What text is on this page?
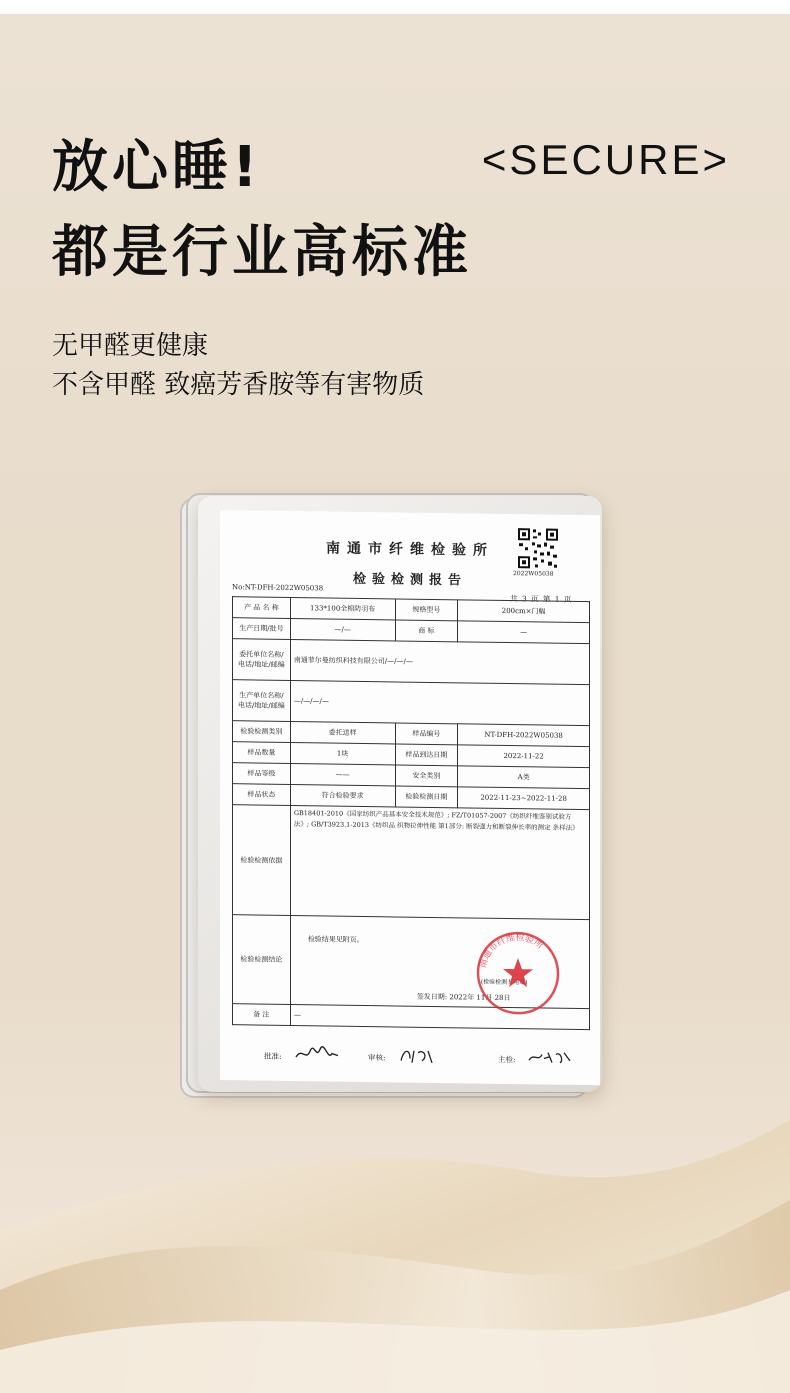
放心睡!
都是行业高标准
<SECURE>
无甲醛更健康
不含甲醛 致癌芳香胺等有害物质
南通市纤维检验所
检验检测报告	2022W05038
No:NT-DFH-2022W05038
共 3 页 第 1 页
产 品 名 称	133*100全棉防羽布	规格型号	200cm×门幅
生产日期/批号	—/—	商 标	—
委托单位名称/电话/地址/邮编	南通菲尔曼纺织科技有限公司/—/—/—		
生产单位名称/电话/地址/邮编	—/—/—/—		
检验检测类别	委托送样	样品编号	NT-DFH-2022W05038
样品数量	1块	样品到达日期	2022-11-22
样品等级	——	安全类别	A类
样品状态	符合检验要求	检验检测日期	2022-11-23~2022-11-28
检验检测依据	GB18401-2010《国家纺织产品基本安全技术规范》; FZ/T01057-2007《纺织纤维鉴别试验方法》; GB/T3923.1-2013《纺织品 织物拉伸性能 第1部分: 断裂强力和断裂伸长率的测定 条样法》		
检验检测结论	检验结果见附页。
(检验检测专用章)
签发日期: 2022年 11月 28日		

备 注	—		
南通市纤维检验所
批准:	审核:	主检:
